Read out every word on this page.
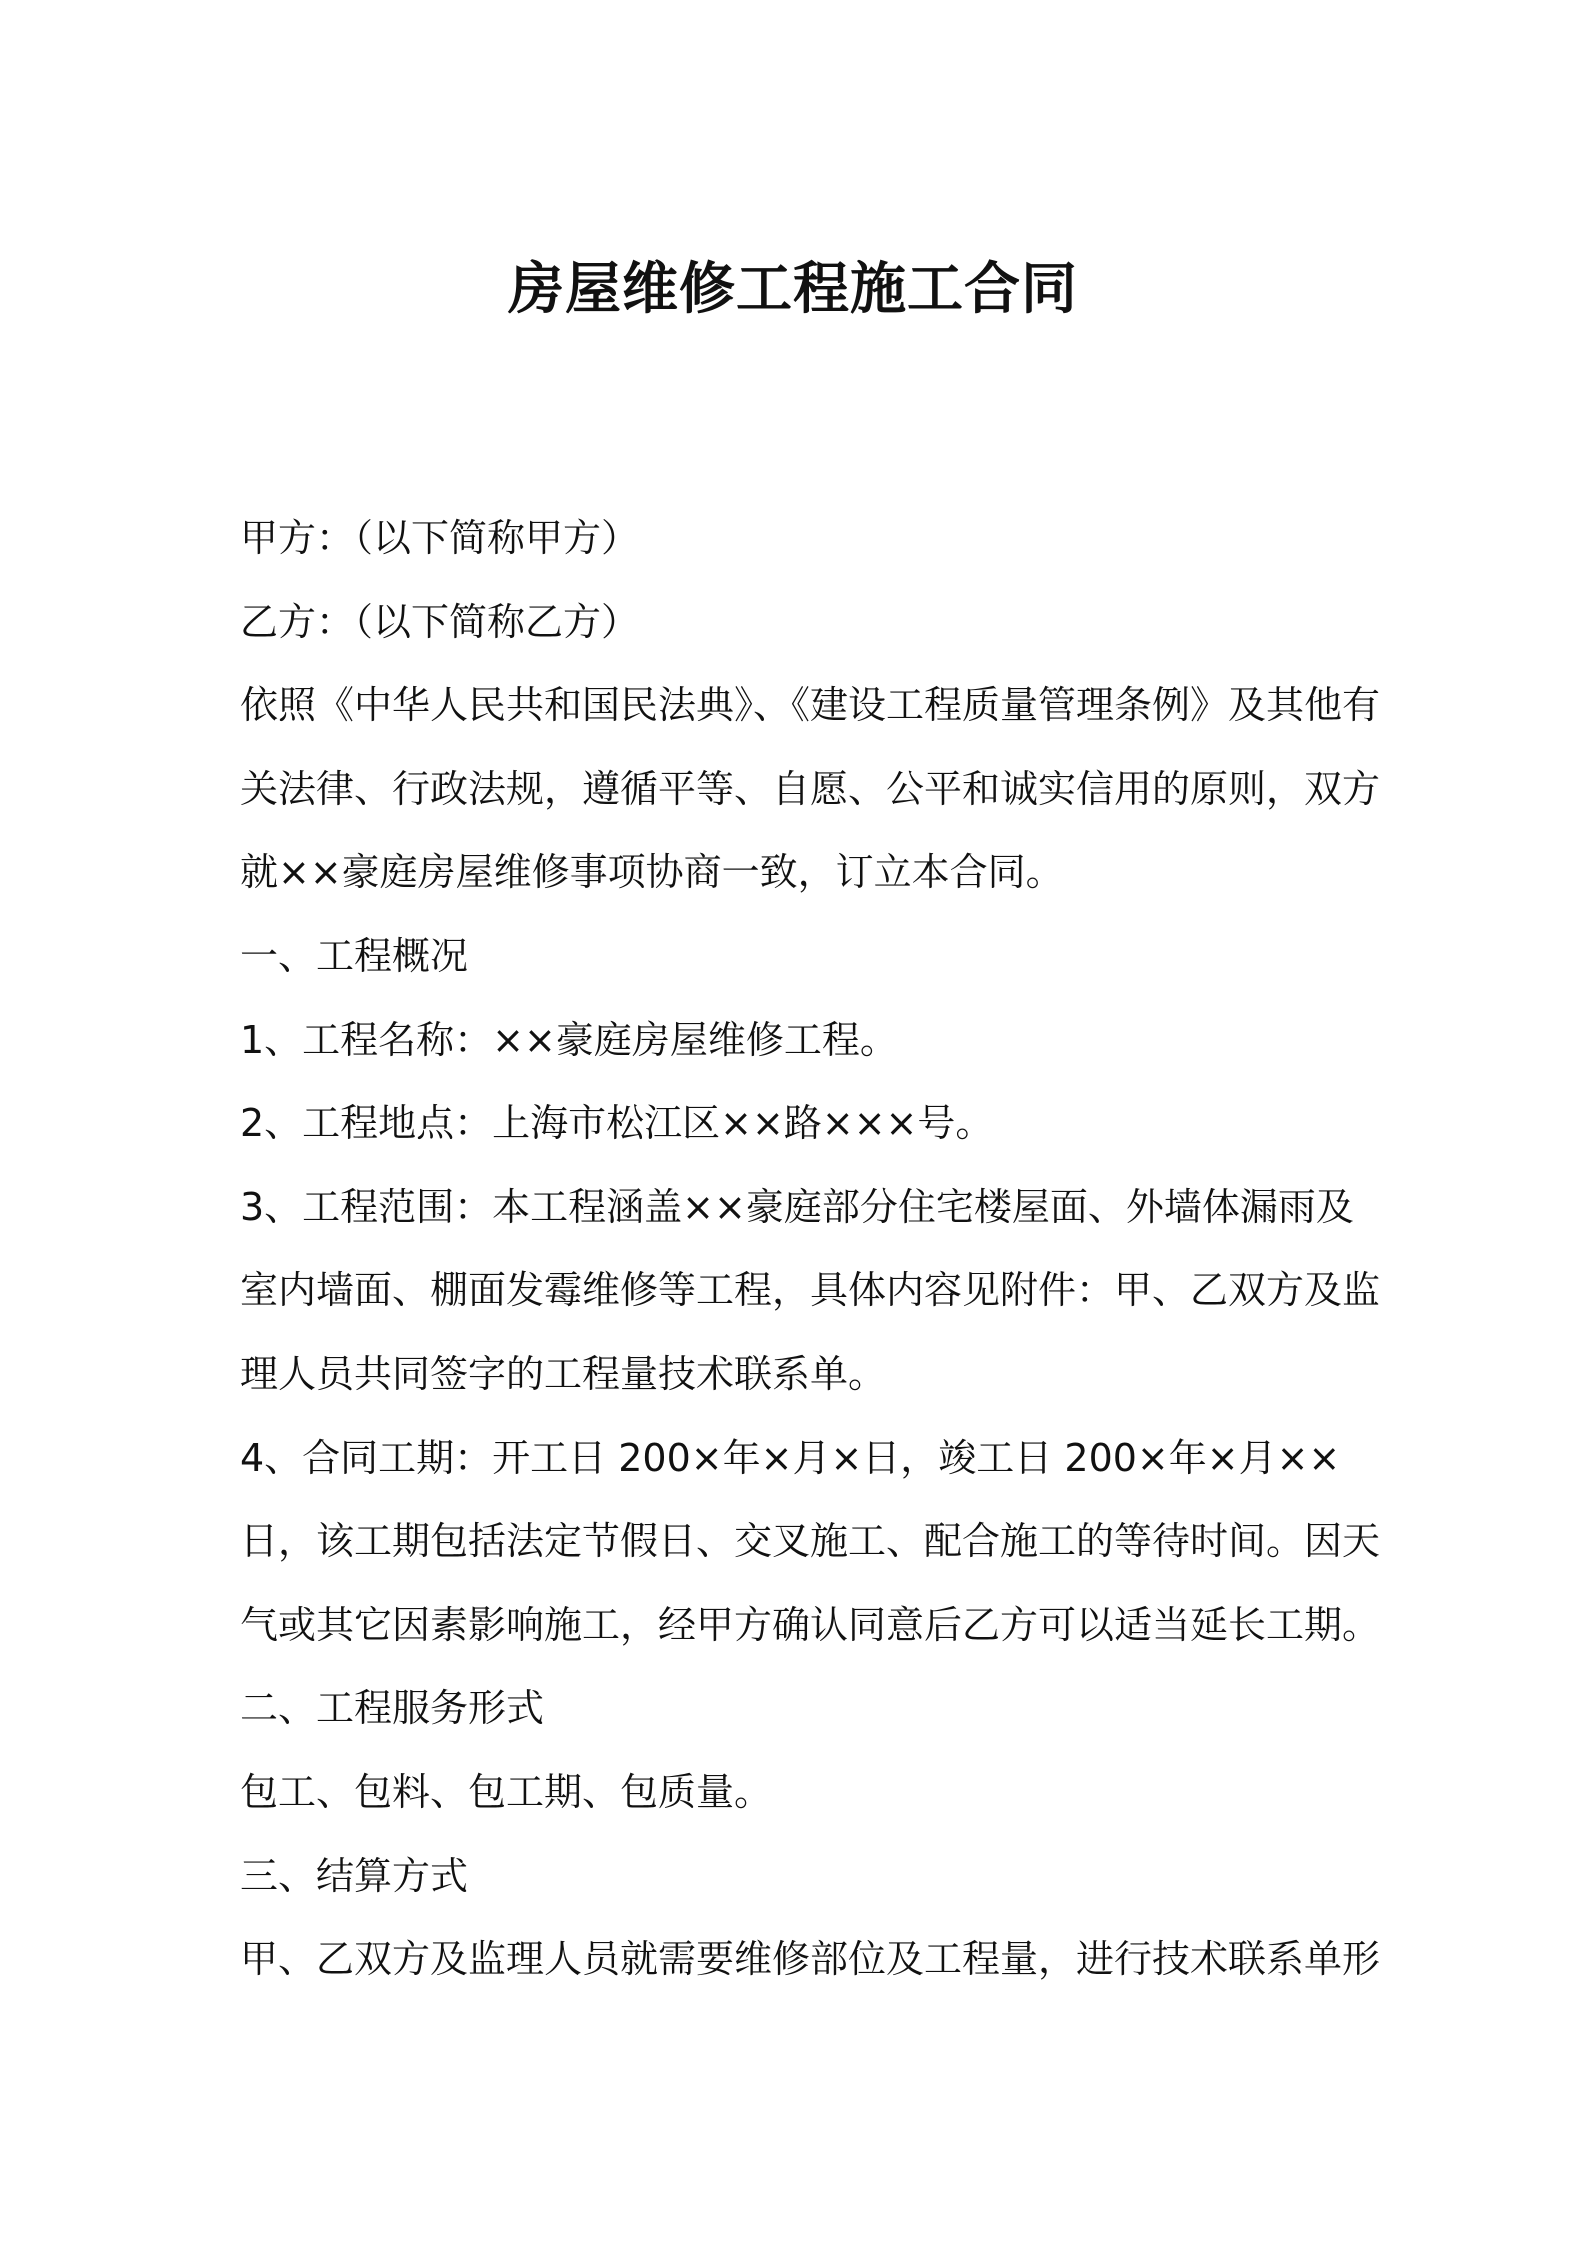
房屋维修工程施工合同
甲方：（以下简称甲方）
乙方：（以下简称乙方）
依照《中华人民共和国民法典》、《建设工程质量管理条例》及其他有
关法律、行政法规，遵循平等、自愿、公平和诚实信用的原则，双方
就××豪庭房屋维修事项协商一致，订立本合同。
一、工程概况
1、工程名称：××豪庭房屋维修工程。
2、工程地点：上海市松江区××路×××号。
3、工程范围：本工程涵盖××豪庭部分住宅楼屋面、外墙体漏雨及
室内墙面、棚面发霉维修等工程，具体内容见附件：甲、乙双方及监
理人员共同签字的工程量技术联系单。
4、合同工期：开工日 200×年×月×日，竣工日 200×年×月××
日，该工期包括法定节假日、交叉施工、配合施工的等待时间。因天
气或其它因素影响施工，经甲方确认同意后乙方可以适当延长工期。
二、工程服务形式
包工、包料、包工期、包质量。
三、结算方式
甲、乙双方及监理人员就需要维修部位及工程量，进行技术联系单形
